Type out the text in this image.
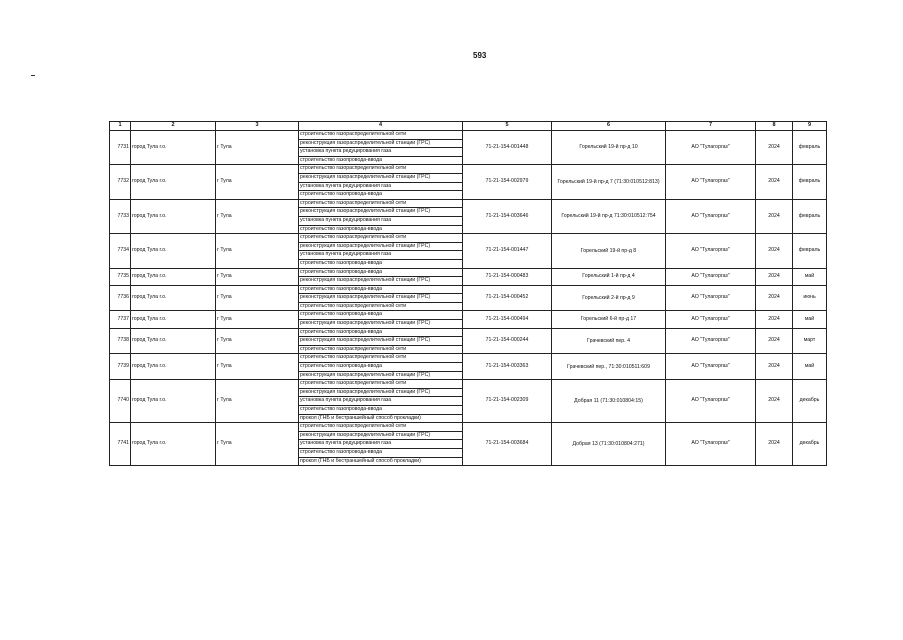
593
1	2	3	4	5	6	7	8	9
7731	город Тула г.о.	г Тула	строительство газораспределительной сети	71-21-154-001448	Горельский 19-й пр-д 10	АО "Тулагоргаз"	2024	февраль
			реконструкция газораспределительной станции (ГРС)					
			установка пункта редуцирования газа					
			строительство газопровода-ввода					
7732	город Тула г.о.	г Тула	строительство газораспределительной сети	71-21-154-002979	Горельский 19-й пр-д 7 (71:30:010512:813)	АО "Тулагоргаз"	2024	февраль
			реконструкция газораспределительной станции (ГРС)					
			установка пункта редуцирования газа					
			строительство газопровода-ввода					
7733	город Тула г.о.	г Тула	строительство газораспределительной сети	71-21-154-003646	Горельский 19-й пр-д 71:30:010512:754	АО "Тулагоргаз"	2024	февраль
			реконструкция газораспределительной станции (ГРС)					
			установка пункта редуцирования газа					
			строительство газопровода-ввода					
7734	город Тула г.о.	г Тула	строительство газораспределительной сети	71-21-154-001447	Горельский 19-й пр-д 8	АО "Тулагоргаз"	2024	февраль
			реконструкция газораспределительной станции (ГРС)					
			установка пункта редуцирования газа					
			строительство газопровода-ввода					
7735	город Тула г.о.	г Тула	строительство газопровода-ввода	71-21-154-000483	Горельский 1-й пр-д 4	АО "Тулагоргаз"	2024	май
			реконструкция газораспределительной станции (ГРС)					
7736	город Тула г.о.	г Тула	строительство газопровода-ввода	71-21-154-000452	Горельский 2-й пр-д 9	АО "Тулагоргаз"	2024	июнь
			реконструкция газораспределительной станции (ГРС)					
			строительство газораспределительной сети					
7737	город Тула г.о.	г Тула	строительство газопровода-ввода	71-21-154-000494	Горельский 6-й пр-д 17	АО "Тулагоргаз"	2024	май
			реконструкция газораспределительной станции (ГРС)					
7738	город Тула г.о.	г Тула	строительство газопровода-ввода	71-21-154-000244	Грачевский пер. 4	АО "Тулагоргаз"	2024	март
			реконструкция газораспределительной станции (ГРС)					
			строительство газораспределительной сети					
7739	город Тула г.о.	г Тула	строительство газораспределительной сети	71-21-154-003363	Грачевский пер., 71:30:010511:609	АО "Тулагоргаз"	2024	май
			строительство газопровода-ввода					
			реконструкция газораспределительной станции (ГРС)					
7740	город Тула г.о.	г Тула	строительство газораспределительной сети	71-21-154-002309	Добрая 11 (71:30:010804:15)	АО "Тулагоргаз"	2024	декабрь
			реконструкция газораспределительной станции (ГРС)					
			установка пункта редуцирования газа					
			строительство газопровода-ввода					
			прокол (ГНБ и бестраншейный способ прокладки)					
7741	город Тула г.о.	г Тула	строительство газораспределительной сети	71-21-154-003684	Добрая 13 (71:30:010804:271)	АО "Тулагоргаз"	2024	декабрь
			реконструкция газораспределительной станции (ГРС)					
			установка пункта редуцирования газа					
			строительство газопровода-ввода					
			прокол (ГНБ и бестраншейный способ прокладки)					
